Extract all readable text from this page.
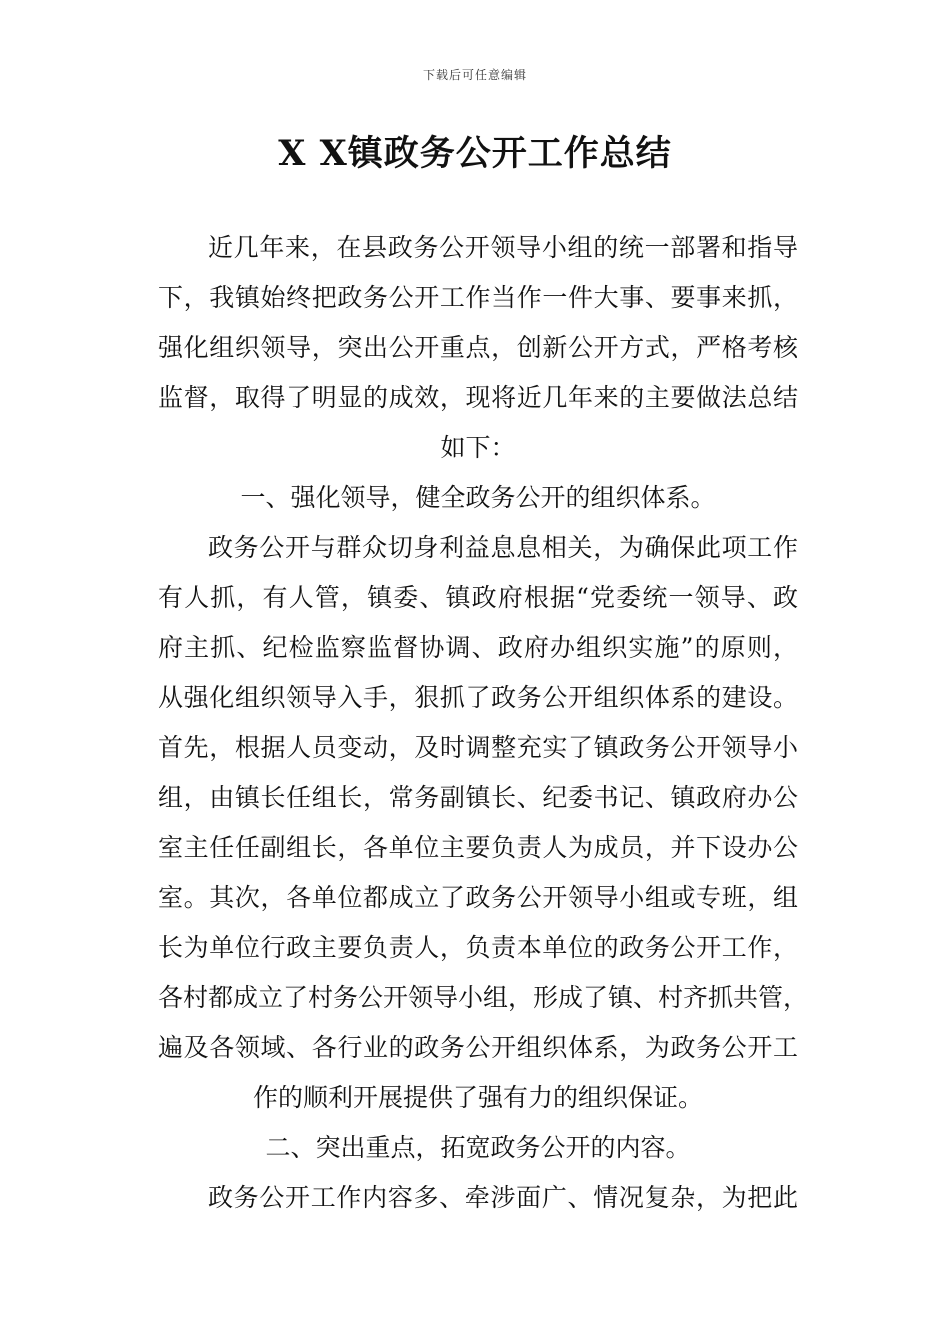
下载后可任意编辑
X X镇政务公开工作总结
近几年来，在县政务公开领导小组的统一部署和指导
下，我镇始终把政务公开工作当作一件大事、要事来抓，
强化组织领导，突出公开重点，创新公开方式，严格考核
监督，取得了明显的成效，现将近几年来的主要做法总结
如下：
一、强化领导，健全政务公开的组织体系。
政务公开与群众切身利益息息相关，为确保此项工作
有人抓，有人管，镇委、镇政府根据“党委统一领导、政
府主抓、纪检监察监督协调、政府办组织实施”的原则，
从强化组织领导入手，狠抓了政务公开组织体系的建设。
首先，根据人员变动，及时调整充实了镇政务公开领导小
组，由镇长任组长，常务副镇长、纪委书记、镇政府办公
室主任任副组长，各单位主要负责人为成员，并下设办公
室。其次，各单位都成立了政务公开领导小组或专班，组
长为单位行政主要负责人，负责本单位的政务公开工作，
各村都成立了村务公开领导小组，形成了镇、村齐抓共管，
遍及各领域、各行业的政务公开组织体系，为政务公开工
作的顺利开展提供了强有力的组织保证。
二、突出重点，拓宽政务公开的内容。
政务公开工作内容多、牵涉面广、情况复杂，为把此
